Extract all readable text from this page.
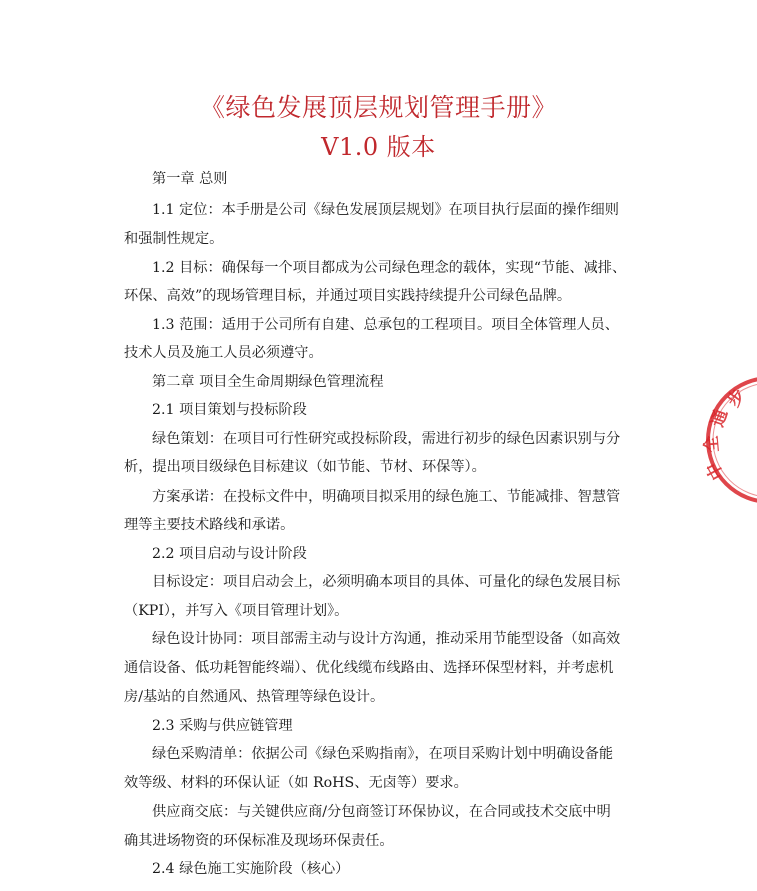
《绿色发展顶层规划管理手册》
V1.0 版本
第一章 总则
1.1 定位：本手册是公司《绿色发展顶层规划》在项目执行层面的操作细则
和强制性规定。
1.2 目标：确保每一个项目都成为公司绿色理念的载体，实现“节能、减排、
环保、高效”的现场管理目标，并通过项目实践持续提升公司绿色品牌。
1.3 范围：适用于公司所有自建、总承包的工程项目。项目全体管理人员、
技术人员及施工人员必须遵守。
第二章 项目全生命周期绿色管理流程
2.1 项目策划与投标阶段
绿色策划：在项目可行性研究或投标阶段，需进行初步的绿色因素识别与分
析，提出项目级绿色目标建议（如节能、节材、环保等）。
方案承诺：在投标文件中，明确项目拟采用的绿色施工、节能减排、智慧管
理等主要技术路线和承诺。
2.2 项目启动与设计阶段
目标设定：项目启动会上，必须明确本项目的具体、可量化的绿色发展目标
（KPI），并写入《项目管理计划》。
绿色设计协同：项目部需主动与设计方沟通，推动采用节能型设备（如高效
通信设备、低功耗智能终端）、优化线缆布线路由、选择环保型材料，并考虑机
房/基站的自然通风、热管理等绿色设计。
2.3 采购与供应链管理
绿色采购清单：依据公司《绿色采购指南》，在项目采购计划中明确设备能
效等级、材料的环保认证（如 RoHS、无卤等）要求。
供应商交底：与关键供应商/分包商签订环保协议，在合同或技术交底中明
确其进场物资的环保标准及现场环保责任。
2.4 绿色施工实施阶段（核心）
步
通
全
中
